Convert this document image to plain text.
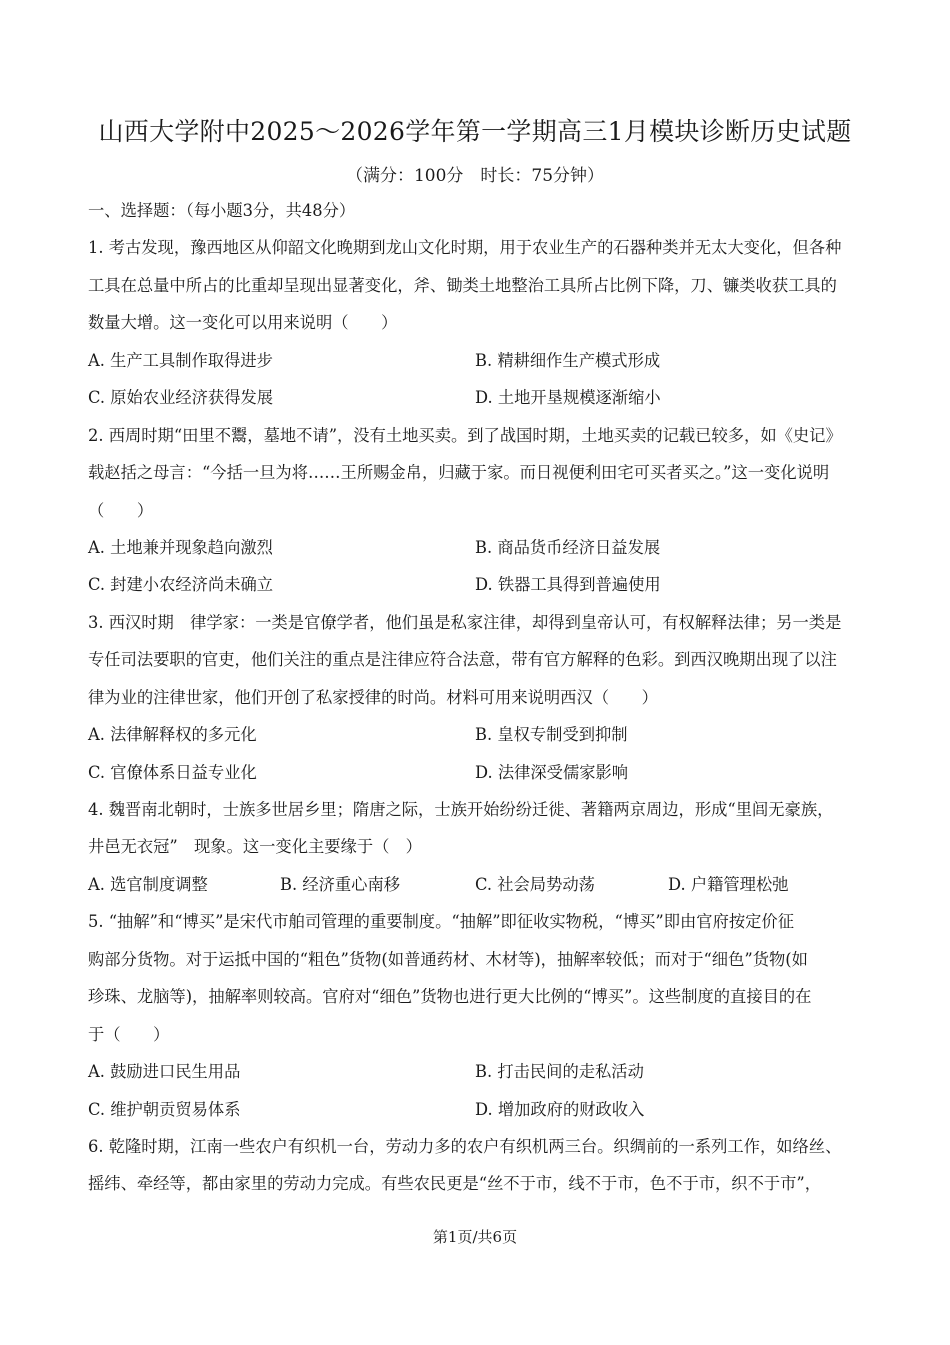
山西大学附中2025～2026学年第一学期高三1月模块诊断历史试题
（满分：100分　时长：75分钟）
一、选择题：（每小题3分，共48分）
1. 考古发现，豫西地区从仰韶文化晚期到龙山文化时期，用于农业生产的石器种类并无太大变化，但各种
工具在总量中所占的比重却呈现出显著变化，斧、锄类土地整治工具所占比例下降，刀、镰类收获工具的
数量大增。这一变化可以用来说明（　　）
A. 生产工具制作取得进步	B. 精耕细作生产模式形成
C. 原始农业经济获得发展	D. 土地开垦规模逐渐缩小
2. 西周时期“田里不鬻，墓地不请”，没有土地买卖。到了战国时期，土地买卖的记载已较多，如《史记》
载赵括之母言：“今括一旦为将……王所赐金帛，归藏于家。而日视便利田宅可买者买之。”这一变化说明
（　　）
A. 土地兼并现象趋向激烈	B. 商品货币经济日益发展
C. 封建小农经济尚未确立	D. 铁器工具得到普遍使用
3. 西汉时期　律学家：一类是官僚学者，他们虽是私家注律，却得到皇帝认可，有权解释法律；另一类是
专任司法要职的官吏，他们关注的重点是注律应符合法意，带有官方解释的色彩。到西汉晚期出现了以注
律为业的注律世家，他们开创了私家授律的时尚。材料可用来说明西汉（　　）
A. 法律解释权的多元化	B. 皇权专制受到抑制
C. 官僚体系日益专业化	D. 法律深受儒家影响
4. 魏晋南北朝时，士族多世居乡里；隋唐之际，士族开始纷纷迁徙、著籍两京周边，形成“里闾无豪族，
井邑无衣冠”　现象。这一变化主要缘于（　）
A. 选官制度调整	B. 经济重心南移	C. 社会局势动荡	D. 户籍管理松弛
5. “抽解”和“博买”是宋代市舶司管理的重要制度。“抽解”即征收实物税，“博买”即由官府按定价征
购部分货物。对于运抵中国的“粗色”货物(如普通药材、木材等)，抽解率较低；而对于“细色”货物(如
珍珠、龙脑等)，抽解率则较高。官府对“细色”货物也进行更大比例的“博买”。这些制度的直接目的在
于（　　）
A. 鼓励进口民生用品	B. 打击民间的走私活动
C. 维护朝贡贸易体系	D. 增加政府的财政收入
6. 乾隆时期，江南一些农户有织机一台，劳动力多的农户有织机两三台。织绸前的一系列工作，如络丝、
摇纬、牵经等，都由家里的劳动力完成。有些农民更是“丝不于市，线不于市，色不于市，织不于市”，
第1页/共6页
